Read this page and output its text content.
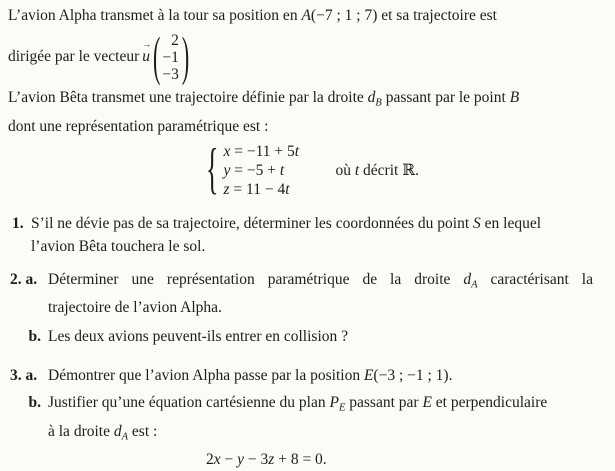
L’avion Alpha transmet à la tour sa position en A(−7 ; 1 ; 7) et sa trajectoire est
dirigée par le vecteur
→
u ( 2
−1
−3 )
L’avion Bêta transmet une trajectoire définie par la droite $d_B$ passant par le point B
dont une représentation paramétrique est :
{ x = −11 + 5t
y = −5 + t
z = 11 − 4t
où t décrit ℝ.
1. S’il ne dévie pas de sa trajectoire, déterminer les coordonnées du point S en lequel
l’avion Bêta touchera le sol.
2. a. Déterminer une représentation paramétrique de la droite $d_A$ caractérisant la
trajectoire de l’avion Alpha.
b. Les deux avions peuvent-ils entrer en collision ?
3. a. Démontrer que l’avion Alpha passe par la position E(−3 ; −1 ; 1).
b. Justifier qu’une équation cartésienne du plan $P_E$ passant par E et perpendiculaire
à la droite $d_A$ est :
2x − y − 3z + 8 = 0.
